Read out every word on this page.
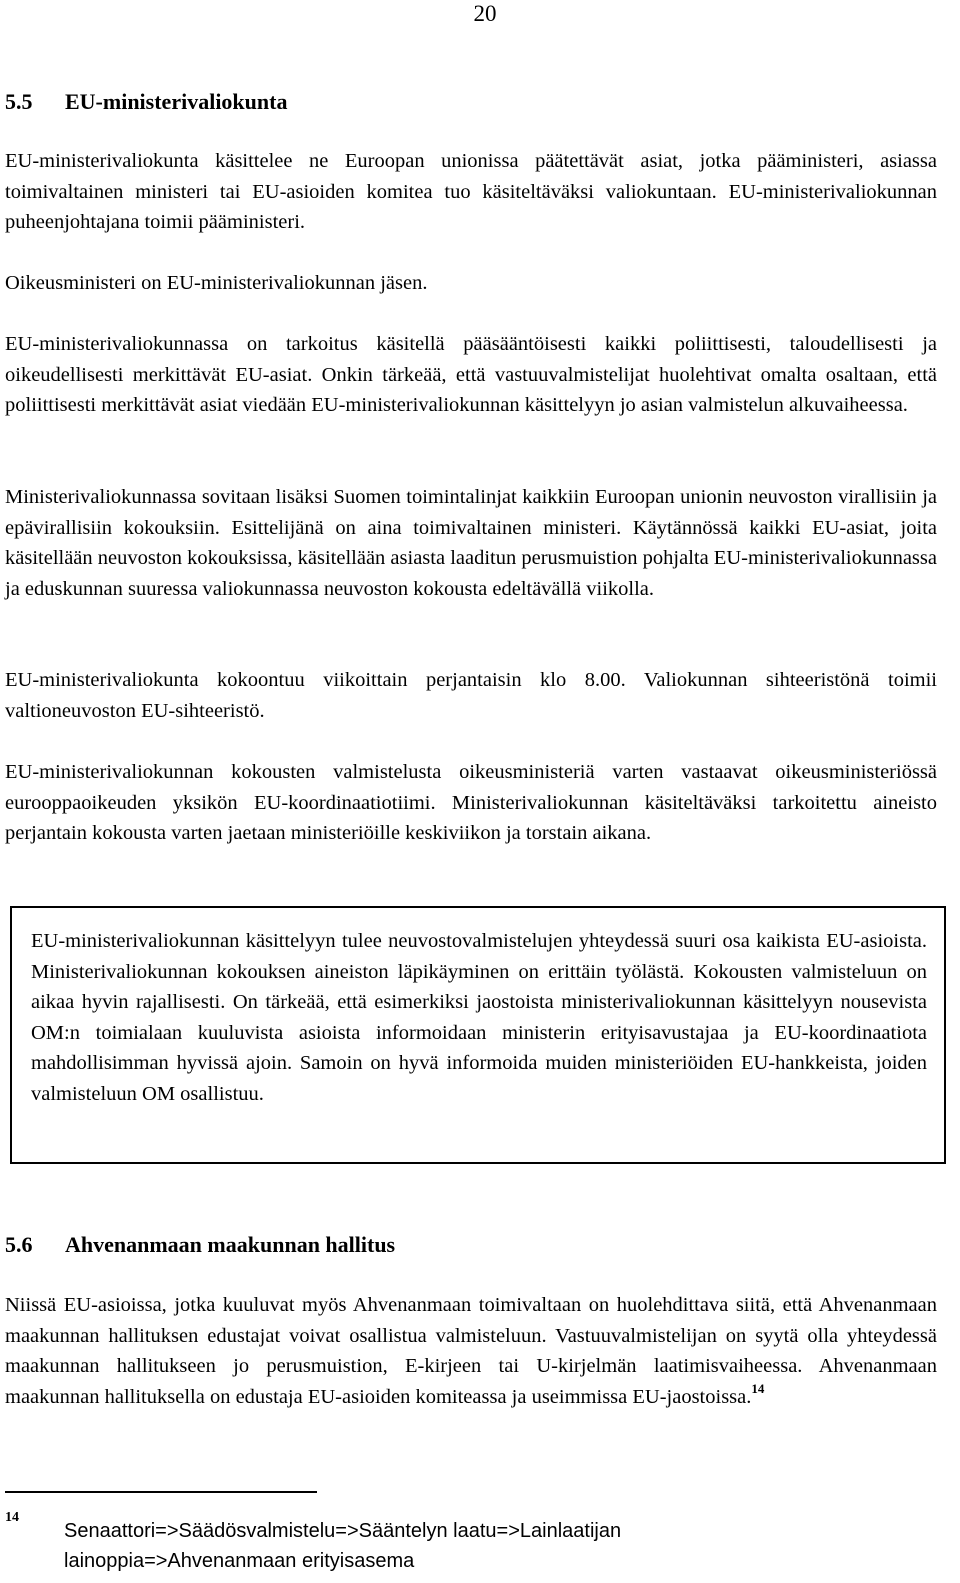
20
5.5 EU-ministerivaliokunta
EU-ministerivaliokunta käsittelee ne Euroopan unionissa päätettävät asiat, jotka pääministeri, asiassa toimivaltainen ministeri tai EU-asioiden komitea tuo käsiteltäväksi valiokuntaan. EU-ministerivaliokunnan puheenjohtajana toimii pääministeri.
Oikeusministeri on EU-ministerivaliokunnan jäsen.
EU-ministerivaliokunnassa on tarkoitus käsitellä pääsääntöisesti kaikki poliittisesti, taloudellisesti ja oikeudellisesti merkittävät EU-asiat. Onkin tärkeää, että vastuuvalmistelijat huolehtivat omalta osaltaan, että poliittisesti merkittävät asiat viedään EU-ministerivaliokunnan käsittelyyn jo asian valmistelun alkuvaiheessa.
Ministerivaliokunnassa sovitaan lisäksi Suomen toimintalinjat kaikkiin Euroopan unionin neuvoston virallisiin ja epävirallisiin kokouksiin. Esittelijänä on aina toimivaltainen ministeri. Käytännössä kaikki EU-asiat, joita käsitellään neuvoston kokouksissa, käsitellään asiasta laaditun perusmuistion pohjalta EU-ministerivaliokunnassa ja eduskunnan suuressa valiokunnassa neuvoston kokousta edeltävällä viikolla.
EU-ministerivaliokunta kokoontuu viikoittain perjantaisin klo 8.00. Valiokunnan sihteeristönä toimii valtioneuvoston EU-sihteeristö.
EU-ministerivaliokunnan kokousten valmistelusta oikeusministeriä varten vastaavat oikeusministeriössä eurooppaoikeuden yksikön EU-koordinaatiotiimi. Ministerivaliokunnan käsiteltäväksi tarkoitettu aineisto perjantain kokousta varten jaetaan ministeriöille keskiviikon ja torstain aikana.
EU-ministerivaliokunnan käsittelyyn tulee neuvostovalmistelujen yhteydessä suuri osa kaikista EU-asioista. Ministerivaliokunnan kokouksen aineiston läpikäyminen on erittäin työlästä. Kokousten valmisteluun on aikaa hyvin rajallisesti. On tärkeää, että esimerkiksi jaostoista ministerivaliokunnan käsittelyyn nousevista OM:n toimialaan kuuluvista asioista informoidaan ministerin erityisavustajaa ja EU-koordinaatiota mahdollisimman hyvissä ajoin. Samoin on hyvä informoida muiden ministeriöiden EU-hankkeista, joiden valmisteluun OM osallistuu.
5.6 Ahvenanmaan maakunnan hallitus
Niissä EU-asioissa, jotka kuuluvat myös Ahvenanmaan toimivaltaan on huolehdittava siitä, että Ahvenanmaan maakunnan hallituksen edustajat voivat osallistua valmisteluun. Vastuuvalmistelijan on syytä olla yhteydessä maakunnan hallitukseen jo perusmuistion, E-kirjeen tai U-kirjelmän laatimisvaiheessa. Ahvenanmaan maakunnan hallituksella on edustaja EU-asioiden komiteassa ja useimmissa EU-jaostoissa.$^{14}$
14
Senaattori=>Säädösvalmistelu=>Sääntelyn laatu=>Lainlaatijan lainoppia=>Ahvenanmaan erityisasema
